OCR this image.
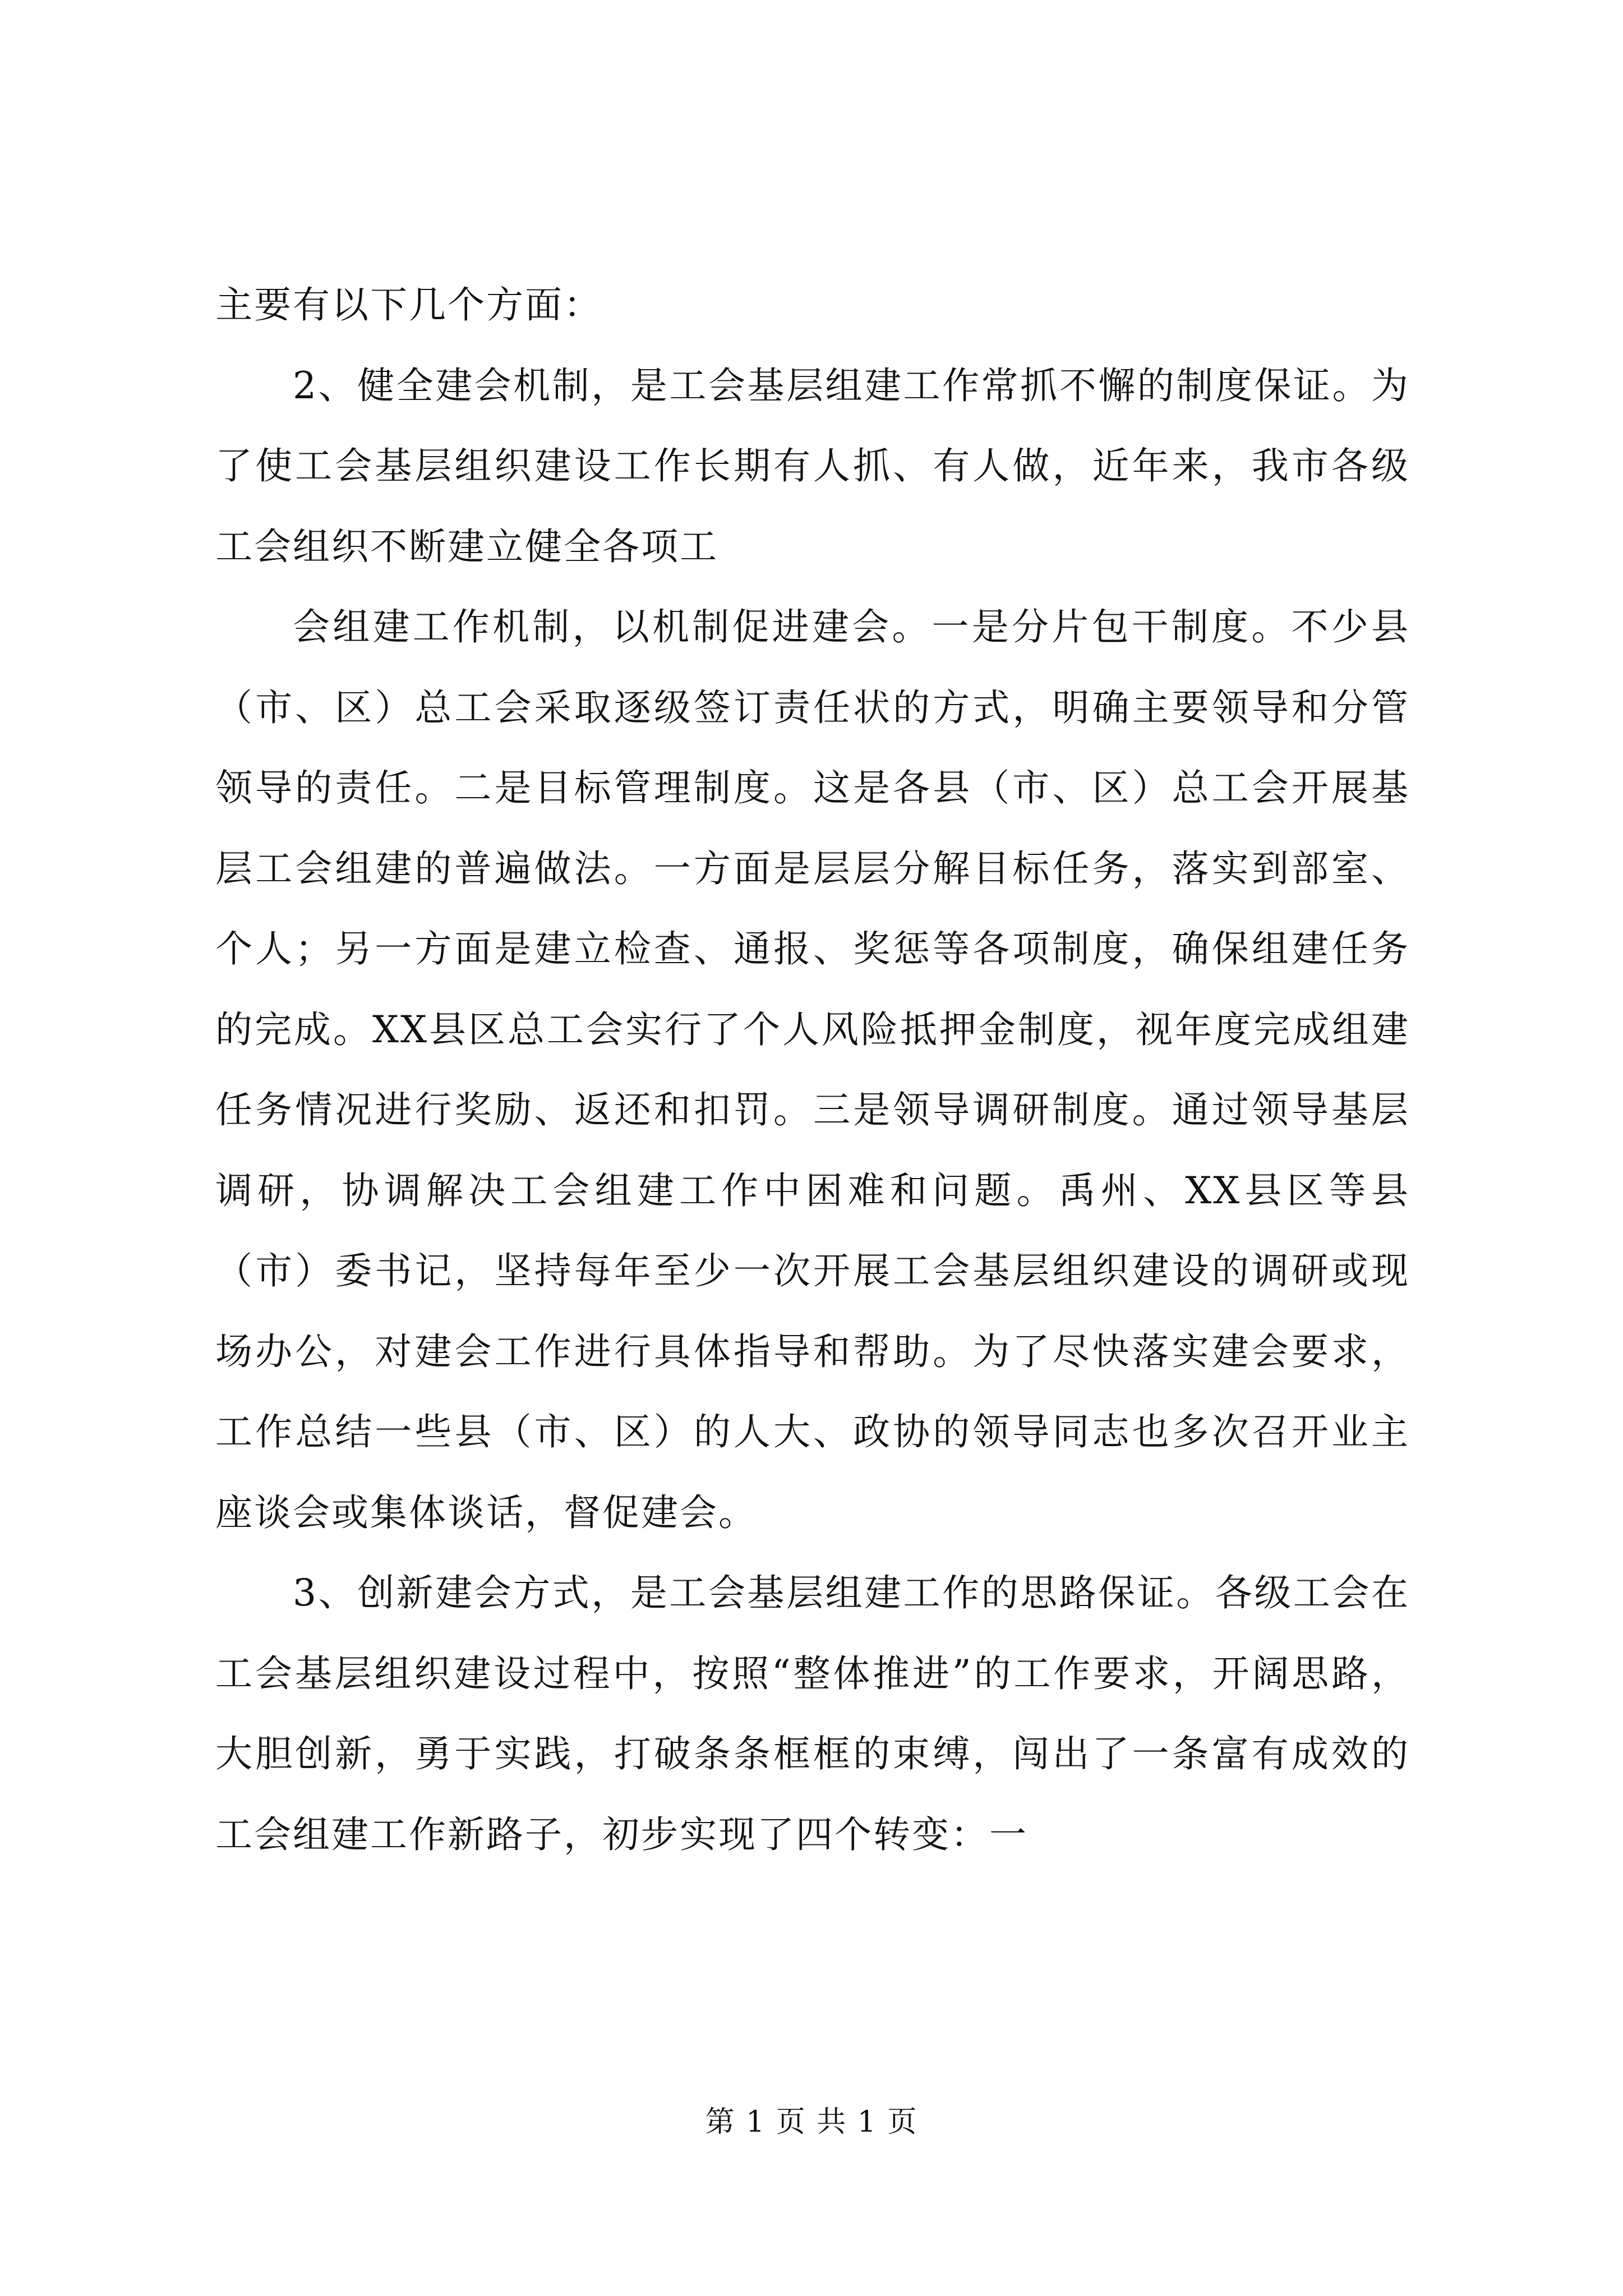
主要有以下几个方面：

2、健全建会机制，是工会基层组建工作常抓不懈的制度保证。为了使工会基层组织建设工作长期有人抓、有人做，近年来，我市各级工会组织不断建立健全各项工

会组建工作机制，以机制促进建会。一是分片包干制度。不少县（市、区）总工会采取逐级签订责任状的方式，明确主要领导和分管领导的责任。二是目标管理制度。这是各县（市、区）总工会开展基层工会组建的普遍做法。一方面是层层分解目标任务，落实到部室、个人；另一方面是建立检查、通报、奖惩等各项制度，确保组建任务的完成。XX县区总工会实行了个人风险抵押金制度，视年度完成组建任务情况进行奖励、返还和扣罚。三是领导调研制度。通过领导基层调研，协调解决工会组建工作中困难和问题。禹州、XX县区等县（市）委书记，坚持每年至少一次开展工会基层组织建设的调研或现场办公，对建会工作进行具体指导和帮助。为了尽快落实建会要求，工作总结一些县（市、区）的人大、政协的领导同志也多次召开业主座谈会或集体谈话，督促建会。

3、创新建会方式，是工会基层组建工作的思路保证。各级工会在工会基层组织建设过程中，按照“整体推进”的工作要求，开阔思路，大胆创新，勇于实践，打破条条框框的束缚，闯出了一条富有成效的工会组建工作新路子，初步实现了四个转变：一

第 1 页 共 1 页
